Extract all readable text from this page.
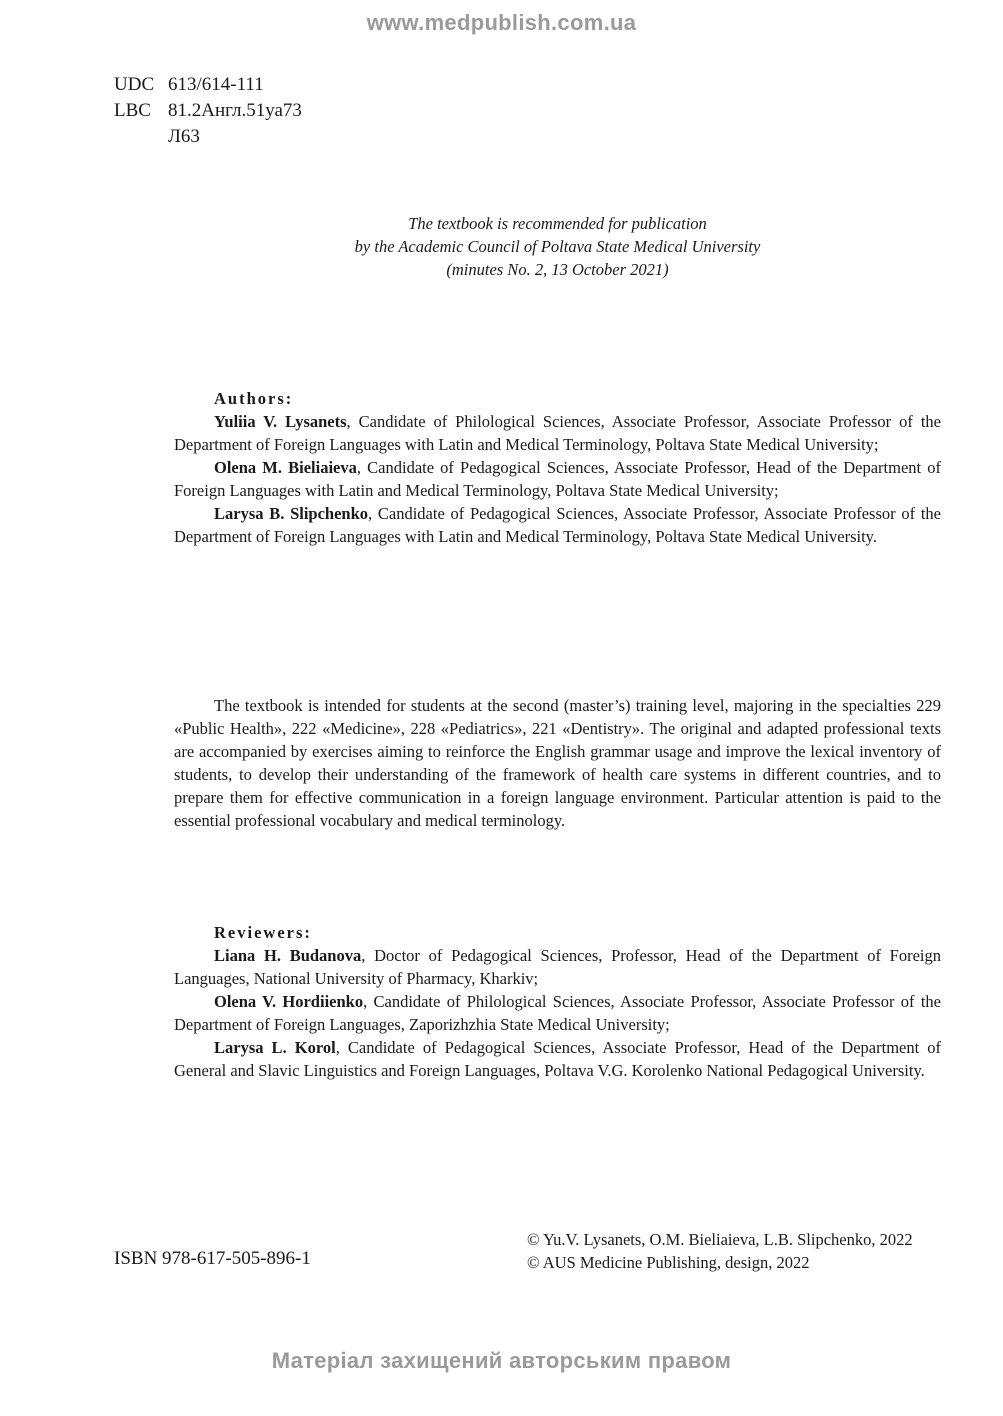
www.medpublish.com.ua
UDC 613/614-111
LBC 81.2Англ.51уа73
Л63
The textbook is recommended for publication
by the Academic Council of Poltava State Medical University
(minutes No. 2, 13 October 2021)
Authors:

Yuliia V. Lysanets, Candidate of Philological Sciences, Associate Professor, Associate Professor of the Department of Foreign Languages with Latin and Medical Terminology, Poltava State Medical University;

Olena M. Bieliaieva, Candidate of Pedagogical Sciences, Associate Professor, Head of the Department of Foreign Languages with Latin and Medical Terminology, Poltava State Medical University;

Larysa B. Slipchenko, Candidate of Pedagogical Sciences, Associate Professor, Associate Professor of the Department of Foreign Languages with Latin and Medical Terminology, Poltava State Medical University.

The textbook is intended for students at the second (master’s) training level, majoring in the specialties 229 «Public Health», 222 «Medicine», 228 «Pediatrics», 221 «Dentistry». The original and adapted professional texts are accompanied by exercises aiming to reinforce the English grammar usage and improve the lexical inventory of students, to develop their understanding of the framework of health care systems in different countries, and to prepare them for effective communication in a foreign language environment. Particular attention is paid to the essential professional vocabulary and medical terminology.

Reviewers:

Liana H. Budanova, Doctor of Pedagogical Sciences, Professor, Head of the Department of Foreign Languages, National University of Pharmacy, Kharkiv;

Olena V. Hordiienko, Candidate of Philological Sciences, Associate Professor, Associate Professor of the Department of Foreign Languages, Zaporizhzhia State Medical University;

Larysa L. Korol, Candidate of Pedagogical Sciences, Associate Professor, Head of the Department of General and Slavic Linguistics and Foreign Languages, Poltava V.G. Korolenko National Pedagogical University.

ISBN 978-617-505-896-1
© Yu.V. Lysanets, O.M. Bieliaieva, L.B. Slipchenko, 2022
© AUS Medicine Publishing, design, 2022
Матеріал захищений авторським правом
